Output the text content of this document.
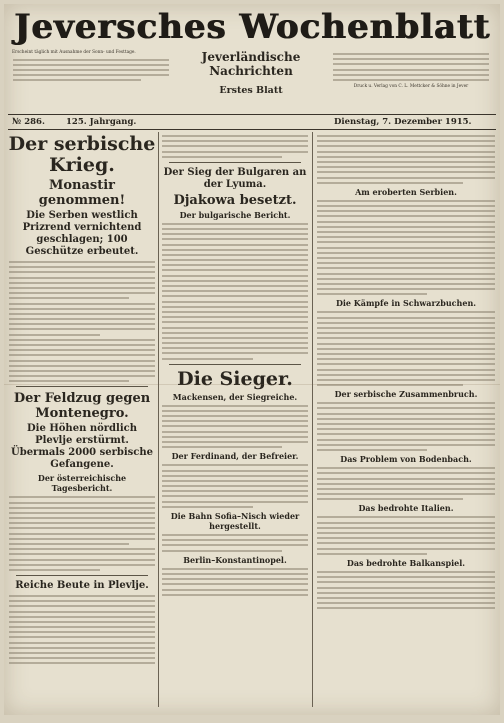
Jeversches Wochenblatt
Erscheint täglich mit Ausnahme der Sonn- und Festtage.	Jeverländische Nachrichten
Erstes Blatt	Druck u. Verlag von C. L. Mettcker & Söhne in Jever
№ 286. 125. Jahrgang.	Dienstag, 7. Dezember 1915.
Der serbische Krieg.
Monastir genommen!
Die Serben westlich Prizrend vernichtend geschlagen; 100 Geschütze erbeutet.
Der Feldzug gegen Montenegro.
Die Höhen nördlich Plevlje erstürmt. Übermals 2000 serbische Gefangene.
Der österreichische Tagesbericht.
Reiche Beute in Plevlje.
Der Sieg der Bulgaren an der Lyuma.
Djakowa besetzt.
Der bulgarische Bericht.
Die Sieger.
Mackensen, der Siegreiche.
Der Ferdinand, der Befreier.
Die Bahn Sofia–Nisch wieder hergestellt.
Berlin–Konstantinopel.
Am eroberten Serbien.
Die Kämpfe in Schwarzbuchen.
Der serbische Zusammenbruch.
Das Problem von Bodenbach.
Das bedrohte Italien.
Das bedrohte Balkanspiel.
